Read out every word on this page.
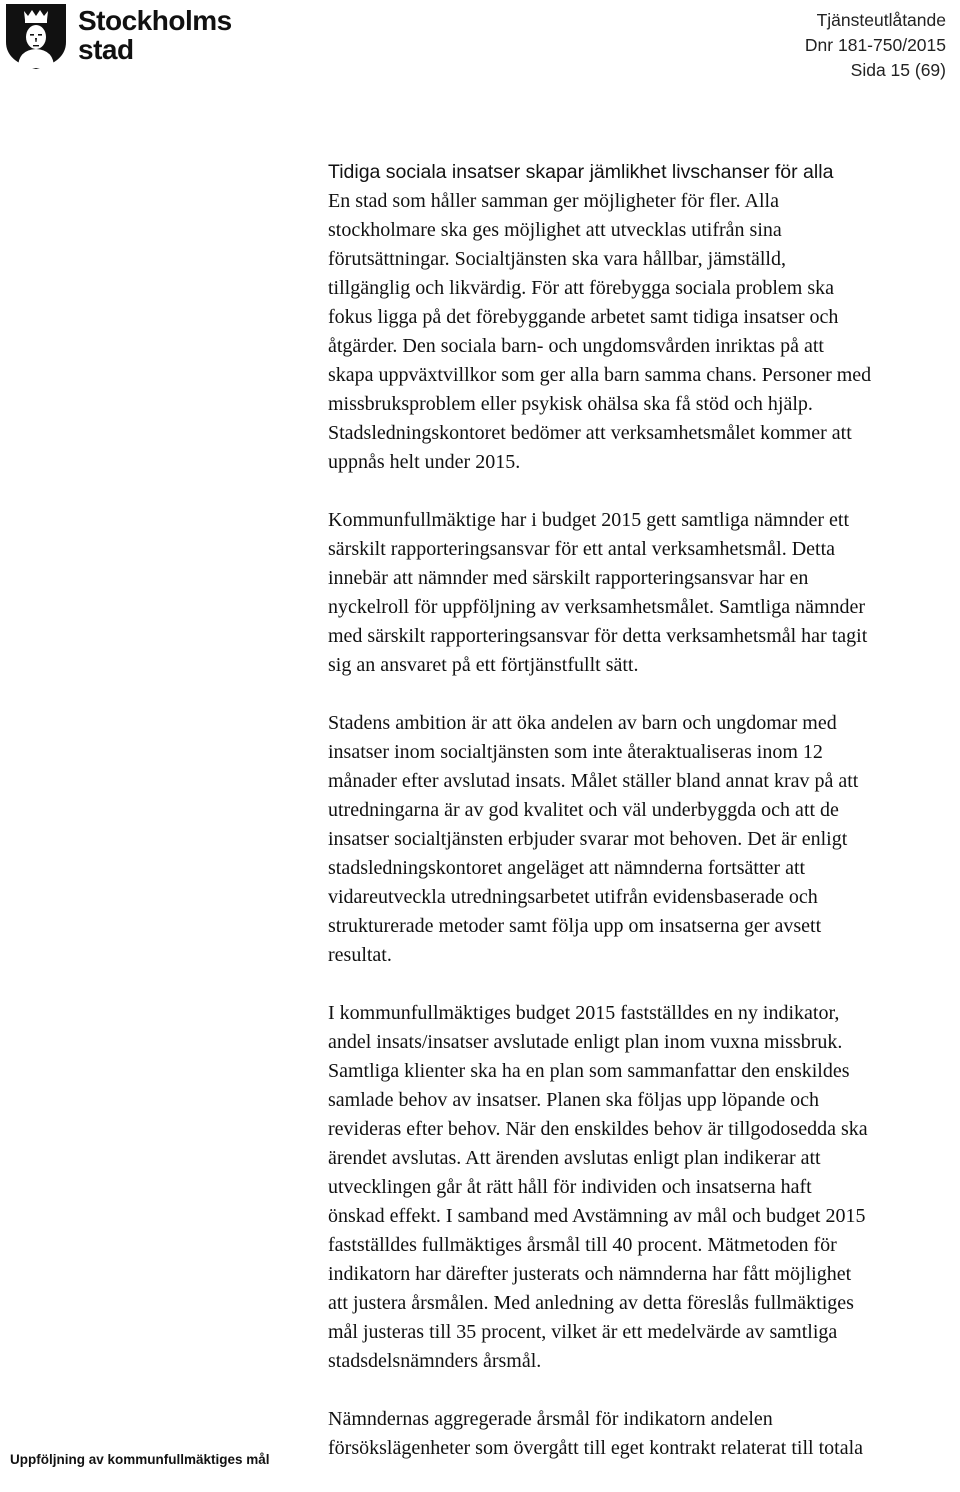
Stockholms
stad
Tjänsteutlåtande
Dnr 181-750/2015
Sida 15 (69)
Tidiga sociala insatser skapar jämlikhet livschanser för alla

En stad som håller samman ger möjligheter för fler. Alla
stockholmare ska ges möjlighet att utvecklas utifrån sina
förutsättningar. Socialtjänsten ska vara hållbar, jämställd,
tillgänglig och likvärdig. För att förebygga sociala problem ska
fokus ligga på det förebyggande arbetet samt tidiga insatser och
åtgärder. Den sociala barn- och ungdomsvården inriktas på att
skapa uppväxtvillkor som ger alla barn samma chans. Personer med
missbruksproblem eller psykisk ohälsa ska få stöd och hjälp.
Stadsledningskontoret bedömer att verksamhetsmålet kommer att
uppnås helt under 2015.

Kommunfullmäktige har i budget 2015 gett samtliga nämnder ett
särskilt rapporteringsansvar för ett antal verksamhetsmål. Detta
innebär att nämnder med särskilt rapporteringsansvar har en
nyckelroll för uppföljning av verksamhetsmålet. Samtliga nämnder
med särskilt rapporteringsansvar för detta verksamhetsmål har tagit
sig an ansvaret på ett förtjänstfullt sätt.

Stadens ambition är att öka andelen av barn och ungdomar med
insatser inom socialtjänsten som inte återaktualiseras inom 12
månader efter avslutad insats. Målet ställer bland annat krav på att
utredningarna är av god kvalitet och väl underbyggda och att de
insatser socialtjänsten erbjuder svarar mot behoven. Det är enligt
stadsledningskontoret angeläget att nämnderna fortsätter att
vidareutveckla utredningsarbetet utifrån evidensbaserade och
strukturerade metoder samt följa upp om insatserna ger avsett
resultat.

I kommunfullmäktiges budget 2015 fastställdes en ny indikator,
andel insats/insatser avslutade enligt plan inom vuxna missbruk.
Samtliga klienter ska ha en plan som sammanfattar den enskildes
samlade behov av insatser. Planen ska följas upp löpande och
revideras efter behov. När den enskildes behov är tillgodosedda ska
ärendet avslutas. Att ärenden avslutas enligt plan indikerar att
utvecklingen går åt rätt håll för individen och insatserna haft
önskad effekt. I samband med Avstämning av mål och budget 2015
fastställdes fullmäktiges årsmål till 40 procent. Mätmetoden för
indikatorn har därefter justerats och nämnderna har fått möjlighet
att justera årsmålen. Med anledning av detta föreslås fullmäktiges
mål justeras till 35 procent, vilket är ett medelvärde av samtliga
stadsdelsnämnders årsmål.

Nämndernas aggregerade årsmål för indikatorn andelen
försökslägenheter som övergått till eget kontrakt relaterat till totala

Uppföljning av kommunfullmäktiges mål
